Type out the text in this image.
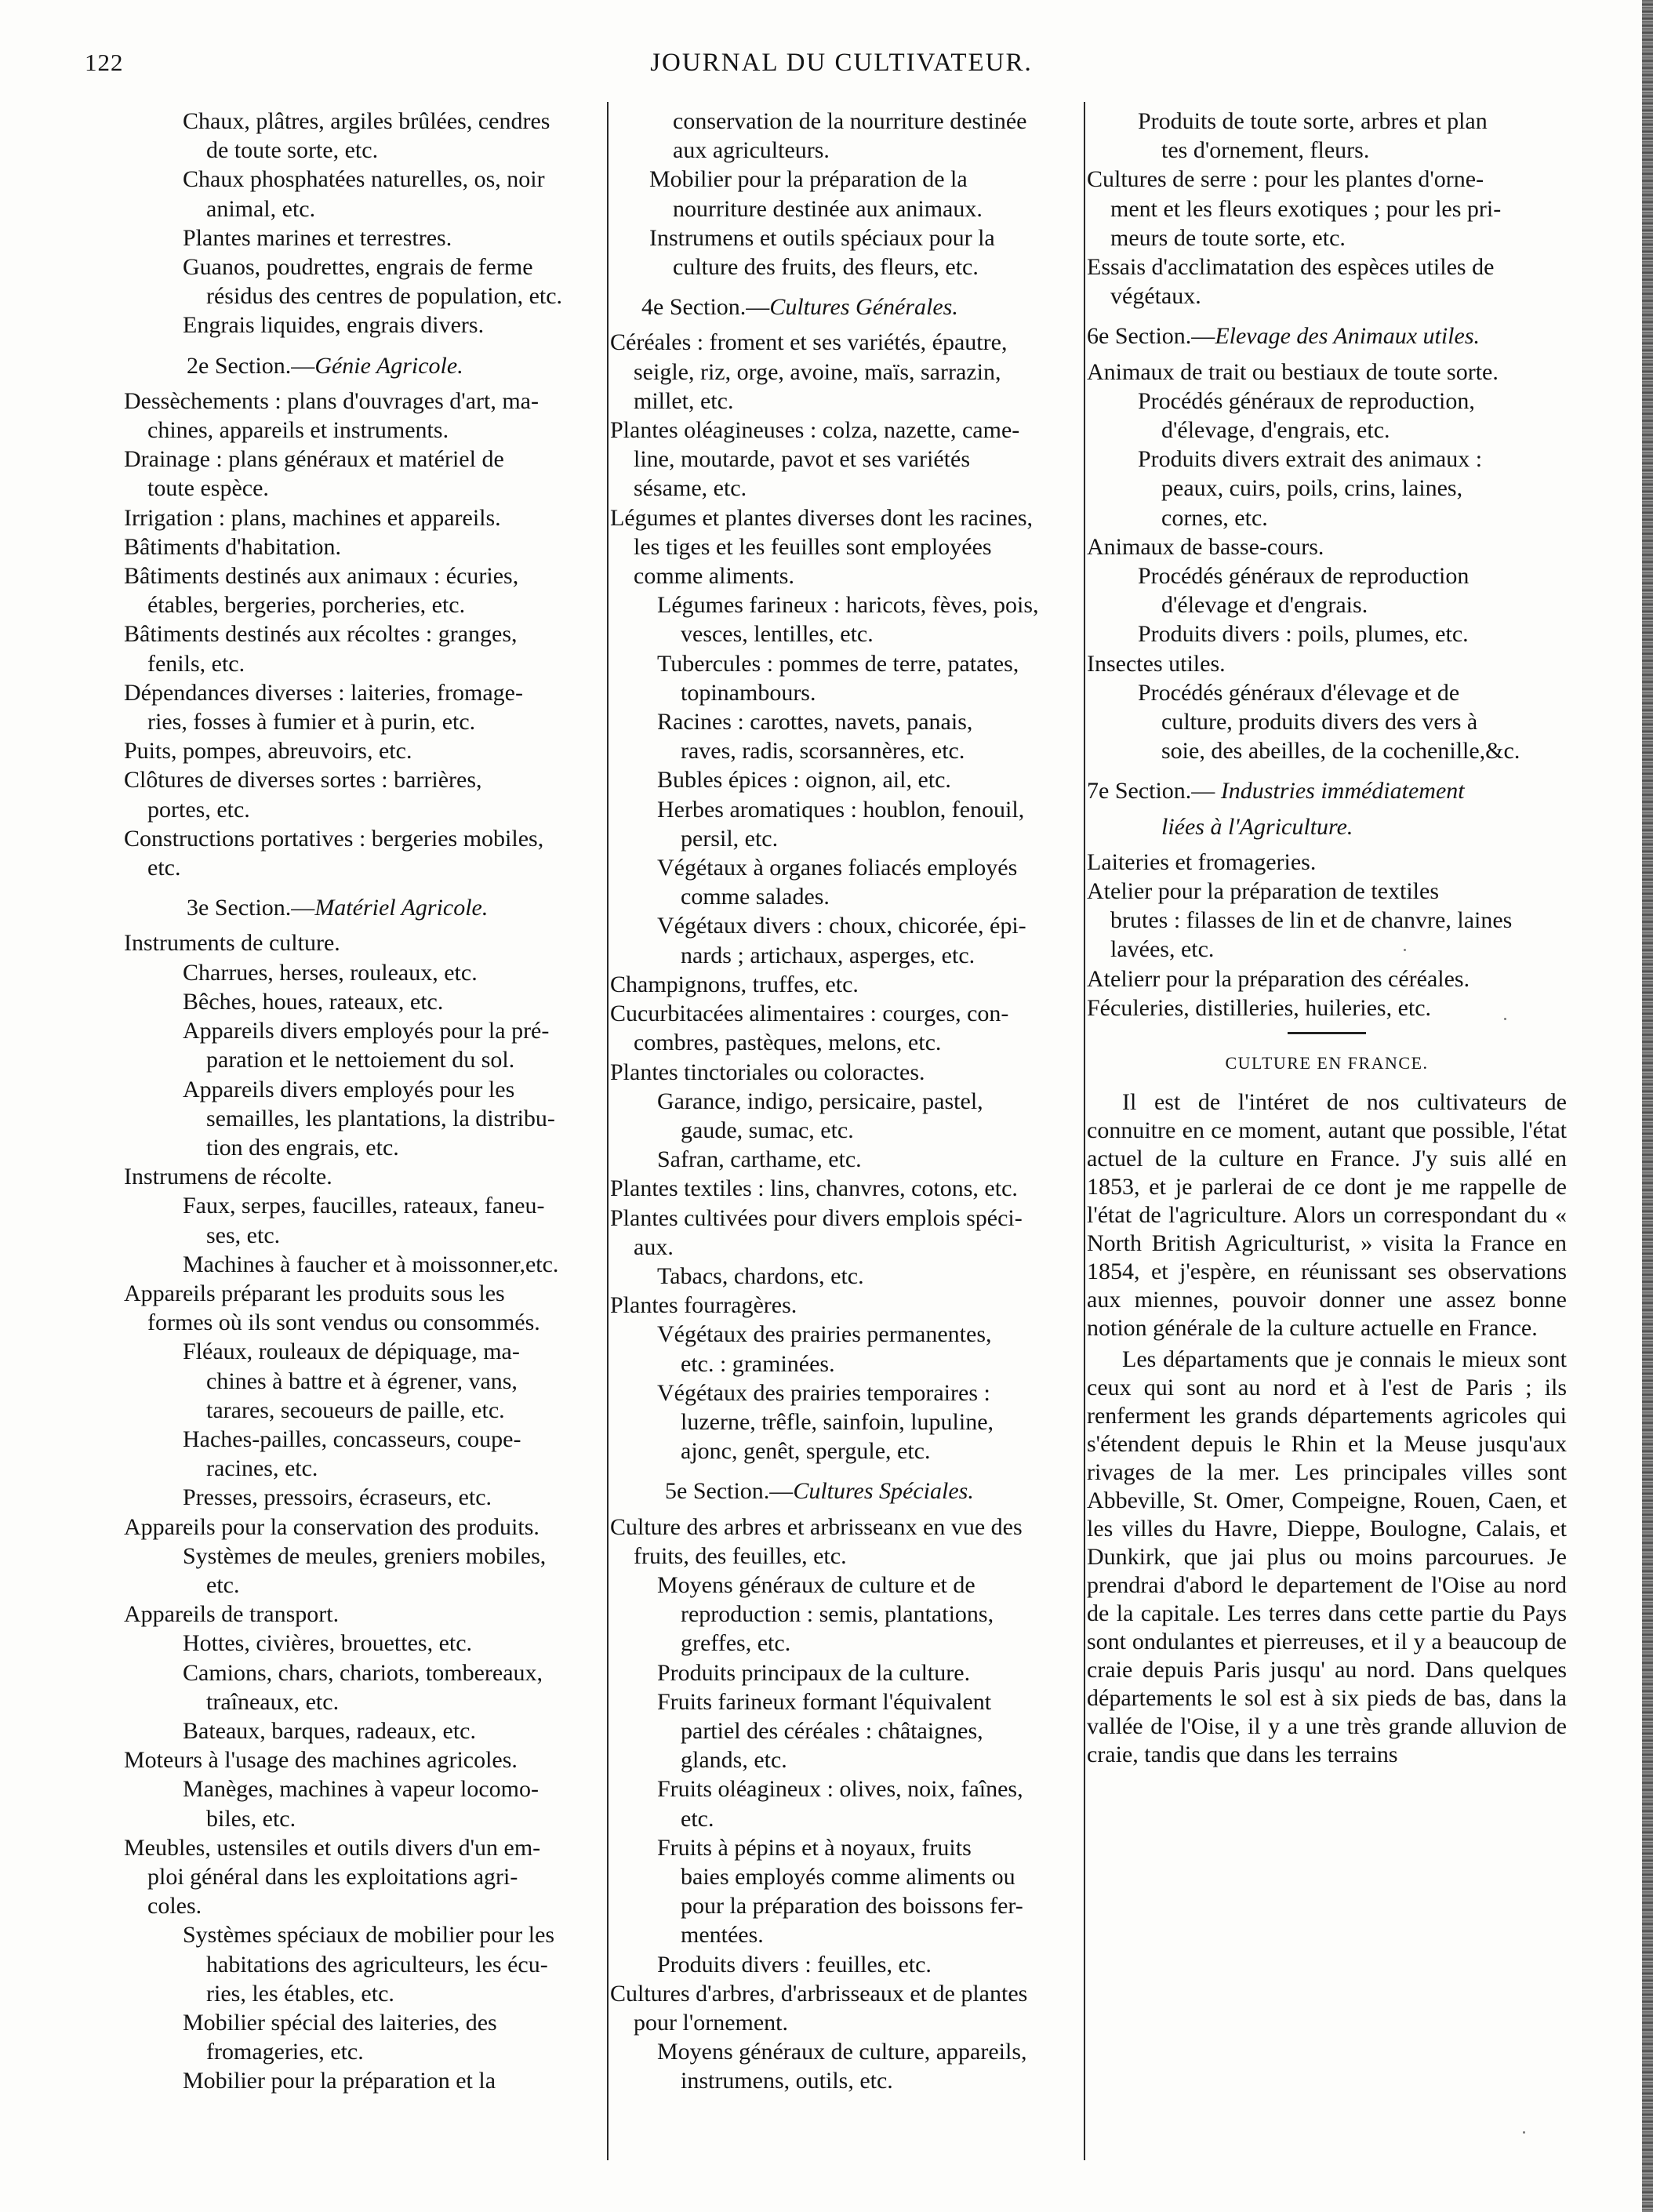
122	JOURNAL DU CULTIVATEUR.
Chaux, plâtres, argiles brûlées, cendres
de toute sorte, etc.
Chaux phosphatées naturelles, os, noir
animal, etc.
Plantes marines et terrestres.
Guanos, poudrettes, engrais de ferme
résidus des centres de population, etc.
Engrais liquides, engrais divers.
2e Section.—Génie Agricole.
Dessèchements : plans d'ouvrages d'art, ma-
chines, appareils et instruments.
Drainage : plans généraux et matériel de
toute espèce.
Irrigation : plans, machines et appareils.
Bâtiments d'habitation.
Bâtiments destinés aux animaux : écuries,
étables, bergeries, porcheries, etc.
Bâtiments destinés aux récoltes : granges,
fenils, etc.
Dépendances diverses : laiteries, fromage-
ries, fosses à fumier et à purin, etc.
Puits, pompes, abreuvoirs, etc.
Clôtures de diverses sortes : barrières,
portes, etc.
Constructions portatives : bergeries mobiles,
etc.
3e Section.—Matériel Agricole.
Instruments de culture.
Charrues, herses, rouleaux, etc.
Bêches, houes, rateaux, etc.
Appareils divers employés pour la pré-
paration et le nettoiement du sol.
Appareils divers employés pour les
semailles, les plantations, la distribu-
tion des engrais, etc.
Instrumens de récolte.
Faux, serpes, faucilles, rateaux, faneu-
ses, etc.
Machines à faucher et à moissonner,etc.
Appareils préparant les produits sous les
formes où ils sont vendus ou consommés.
Fléaux, rouleaux de dépiquage, ma-
chines à battre et à égrener, vans,
tarares, secoueurs de paille, etc.
Haches-pailles, concasseurs, coupe-
racines, etc.
Presses, pressoirs, écraseurs, etc.
Appareils pour la conservation des produits.
Systèmes de meules, greniers mobiles,
etc.
Appareils de transport.
Hottes, civières, brouettes, etc.
Camions, chars, chariots, tombereaux,
traîneaux, etc.
Bateaux, barques, radeaux, etc.
Moteurs à l'usage des machines agricoles.
Manèges, machines à vapeur locomo-
biles, etc.
Meubles, ustensiles et outils divers d'un em-
ploi général dans les exploitations agri-
coles.
Systèmes spéciaux de mobilier pour les
habitations des agriculteurs, les écu-
ries, les étables, etc.
Mobilier spécial des laiteries, des
fromageries, etc.
Mobilier pour la préparation et la
conservation de la nourriture destinée
aux agriculteurs.
Mobilier pour la préparation de la
nourriture destinée aux animaux.
Instrumens et outils spéciaux pour la
culture des fruits, des fleurs, etc.
4e Section.—Cultures Générales.
Céréales : froment et ses variétés, épautre,
seigle, riz, orge, avoine, maïs, sarrazin,
millet, etc.
Plantes oléagineuses : colza, nazette, came-
line, moutarde, pavot et ses variétés
sésame, etc.
Légumes et plantes diverses dont les racines,
les tiges et les feuilles sont employées
comme aliments.
Légumes farineux : haricots, fèves, pois,
vesces, lentilles, etc.
Tubercules : pommes de terre, patates,
topinambours.
Racines : carottes, navets, panais,
raves, radis, scorsannères, etc.
Bubles épices : oignon, ail, etc.
Herbes aromatiques : houblon, fenouil,
persil, etc.
Végétaux à organes foliacés employés
comme salades.
Végétaux divers : choux, chicorée, épi-
nards ; artichaux, asperges, etc.
Champignons, truffes, etc.
Cucurbitacées alimentaires : courges, con-
combres, pastèques, melons, etc.
Plantes tinctoriales ou coloractes.
Garance, indigo, persicaire, pastel,
gaude, sumac, etc.
Safran, carthame, etc.
Plantes textiles : lins, chanvres, cotons, etc.
Plantes cultivées pour divers emplois spéci-
aux.
Tabacs, chardons, etc.
Plantes fourragères.
Végétaux des prairies permanentes,
etc. : graminées.
Végétaux des prairies temporaires :
luzerne, trêfle, sainfoin, lupuline,
ajonc, genêt, spergule, etc.
5e Section.—Cultures Spéciales.
Culture des arbres et arbrisseanx en vue des
fruits, des feuilles, etc.
Moyens généraux de culture et de
reproduction : semis, plantations,
greffes, etc.
Produits principaux de la culture.
Fruits farineux formant l'équivalent
partiel des céréales : châtaignes,
glands, etc.
Fruits oléagineux : olives, noix, faînes,
etc.
Fruits à pépins et à noyaux, fruits
baies employés comme aliments ou
pour la préparation des boissons fer-
mentées.
Produits divers : feuilles, etc.
Cultures d'arbres, d'arbrisseaux et de plantes
pour l'ornement.
Moyens généraux de culture, appareils,
instrumens, outils, etc.
Produits de toute sorte, arbres et plan
tes d'ornement, fleurs.
Cultures de serre : pour les plantes d'orne-
ment et les fleurs exotiques ; pour les pri-
meurs de toute sorte, etc.
Essais d'acclimatation des espèces utiles de
végétaux.
6e Section.—Elevage des Animaux utiles.
Animaux de trait ou bestiaux de toute sorte.
Procédés généraux de reproduction,
d'élevage, d'engrais, etc.
Produits divers extrait des animaux :
peaux, cuirs, poils, crins, laines,
cornes, etc.
Animaux de basse-cours.
Procédés généraux de reproduction
d'élevage et d'engrais.
Produits divers : poils, plumes, etc.
Insectes utiles.
Procédés généraux d'élevage et de
culture, produits divers des vers à
soie, des abeilles, de la cochenille,&c.
7e Section.— Industries immédiatement
liées à l'Agriculture.
Laiteries et fromageries.
Atelier pour la préparation de textiles
brutes : filasses de lin et de chanvre, laines
lavées, etc.
Atelierr pour la préparation des céréales.
Féculeries, distilleries, huileries, etc.
CULTURE EN FRANCE.

Il est de l'intéret de nos cultivateurs de connuitre en ce moment, autant que possible, l'état actuel de la culture en France. J'y suis allé en 1853, et je parlerai de ce dont je me rappelle de l'état de l'agriculture. Alors un correspondant du « North British Agriculturist, » visita la France en 1854, et j'espère, en réunissant ses observations aux miennes, pouvoir donner une assez bonne notion générale de la culture actuelle en France.

Les départaments que je connais le mieux sont ceux qui sont au nord et à l'est de Paris ; ils renferment les grands départements agricoles qui s'étendent depuis le Rhin et la Meuse jusqu'aux rivages de la mer. Les principales villes sont Abbeville, St. Omer, Compeigne, Rouen, Caen, et les villes du Havre, Dieppe, Boulogne, Calais, et Dunkirk, que jai plus ou moins parcourues. Je prendrai d'abord le departement de l'Oise au nord de la capitale. Les terres dans cette partie du Pays sont ondulantes et pierreuses, et il y a beaucoup de craie depuis Paris jusqu' au nord. Dans quelques départements le sol est à six pieds de bas, dans la vallée de l'Oise, il y a une très grande alluvion de craie, tandis que dans les terrains
